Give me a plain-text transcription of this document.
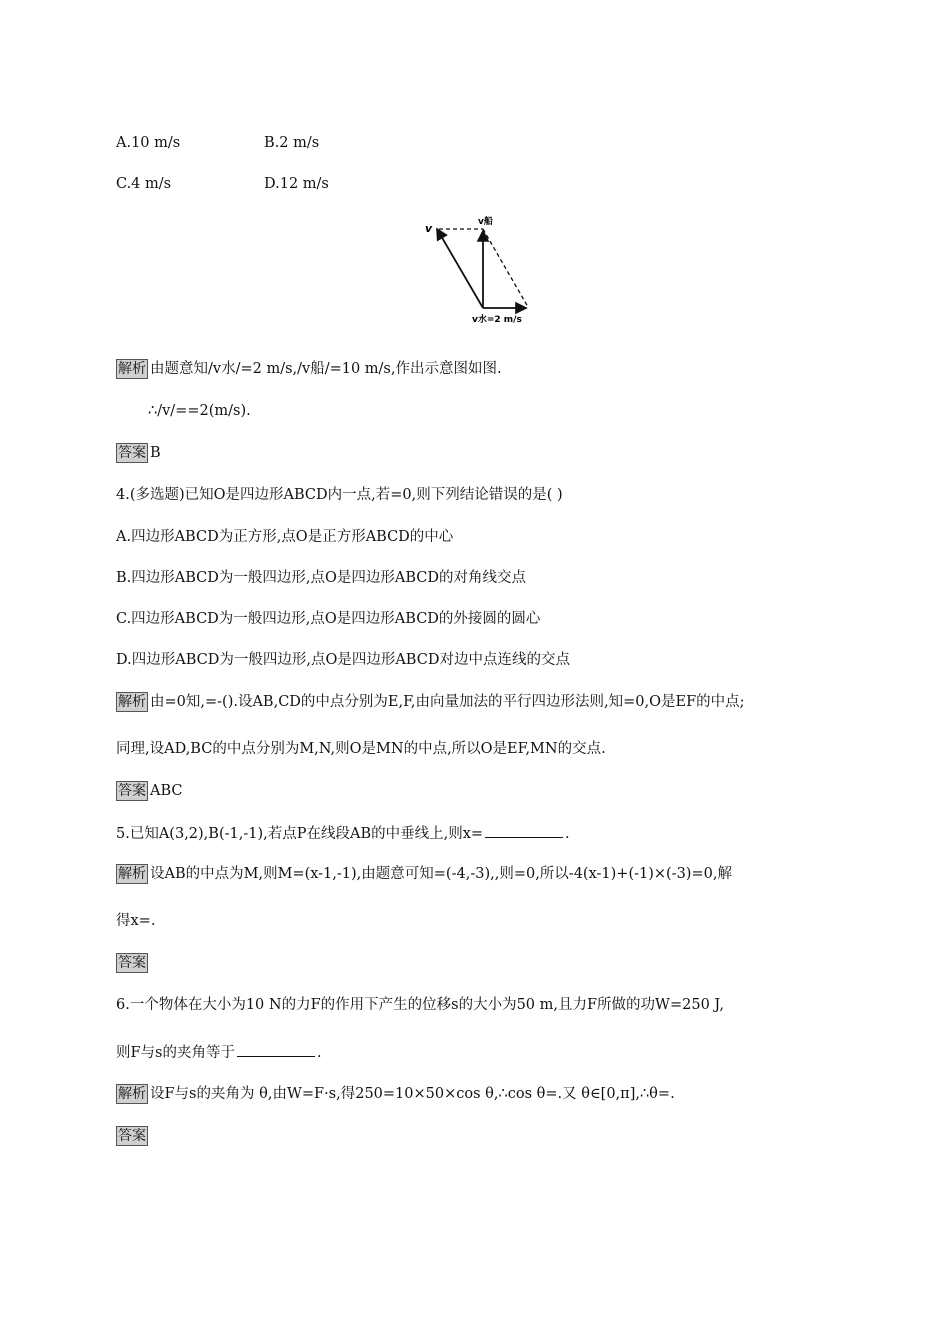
A.10 m/s	B.2 m/s
C.4 m/s	D.12 m/s
v	v船
v水=2 m/s
解析 由题意知/v水/=2 m/s,/v船/=10 m/s,作出示意图如图.
∴/v/==2(m/s).
答案 B
4.(多选题)已知O是四边形ABCD内一点,若=0,则下列结论错误的是( )
A.四边形ABCD为正方形,点O是正方形ABCD的中心
B.四边形ABCD为一般四边形,点O是四边形ABCD的对角线交点
C.四边形ABCD为一般四边形,点O是四边形ABCD的外接圆的圆心
D.四边形ABCD为一般四边形,点O是四边形ABCD对边中点连线的交点
解析 由=0知,=-().设AB,CD的中点分别为E,F,由向量加法的平行四边形法则,知=0,O是EF的中点;
同理,设AD,BC的中点分别为M,N,则O是MN的中点,所以O是EF,MN的交点.
答案 ABC
5.已知A(3,2),B(-1,-1),若点P在线段AB的中垂线上,则x=	.
解析 设AB的中点为M,则M=(x-1,-1),由题意可知=(-4,-3),,则=0,所以-4(x-1)+(-1)×(-3)=0,解
得x=.
答案
6.一个物体在大小为10 N的力F的作用下产生的位移s的大小为50 m,且力F所做的功W=250 J,
则F与s的夹角等于	.
解析 设F与s的夹角为 θ,由W=F·s,得250=10×50×cos θ,∴cos θ=.又 θ∈[0,π],∴θ=.
答案
